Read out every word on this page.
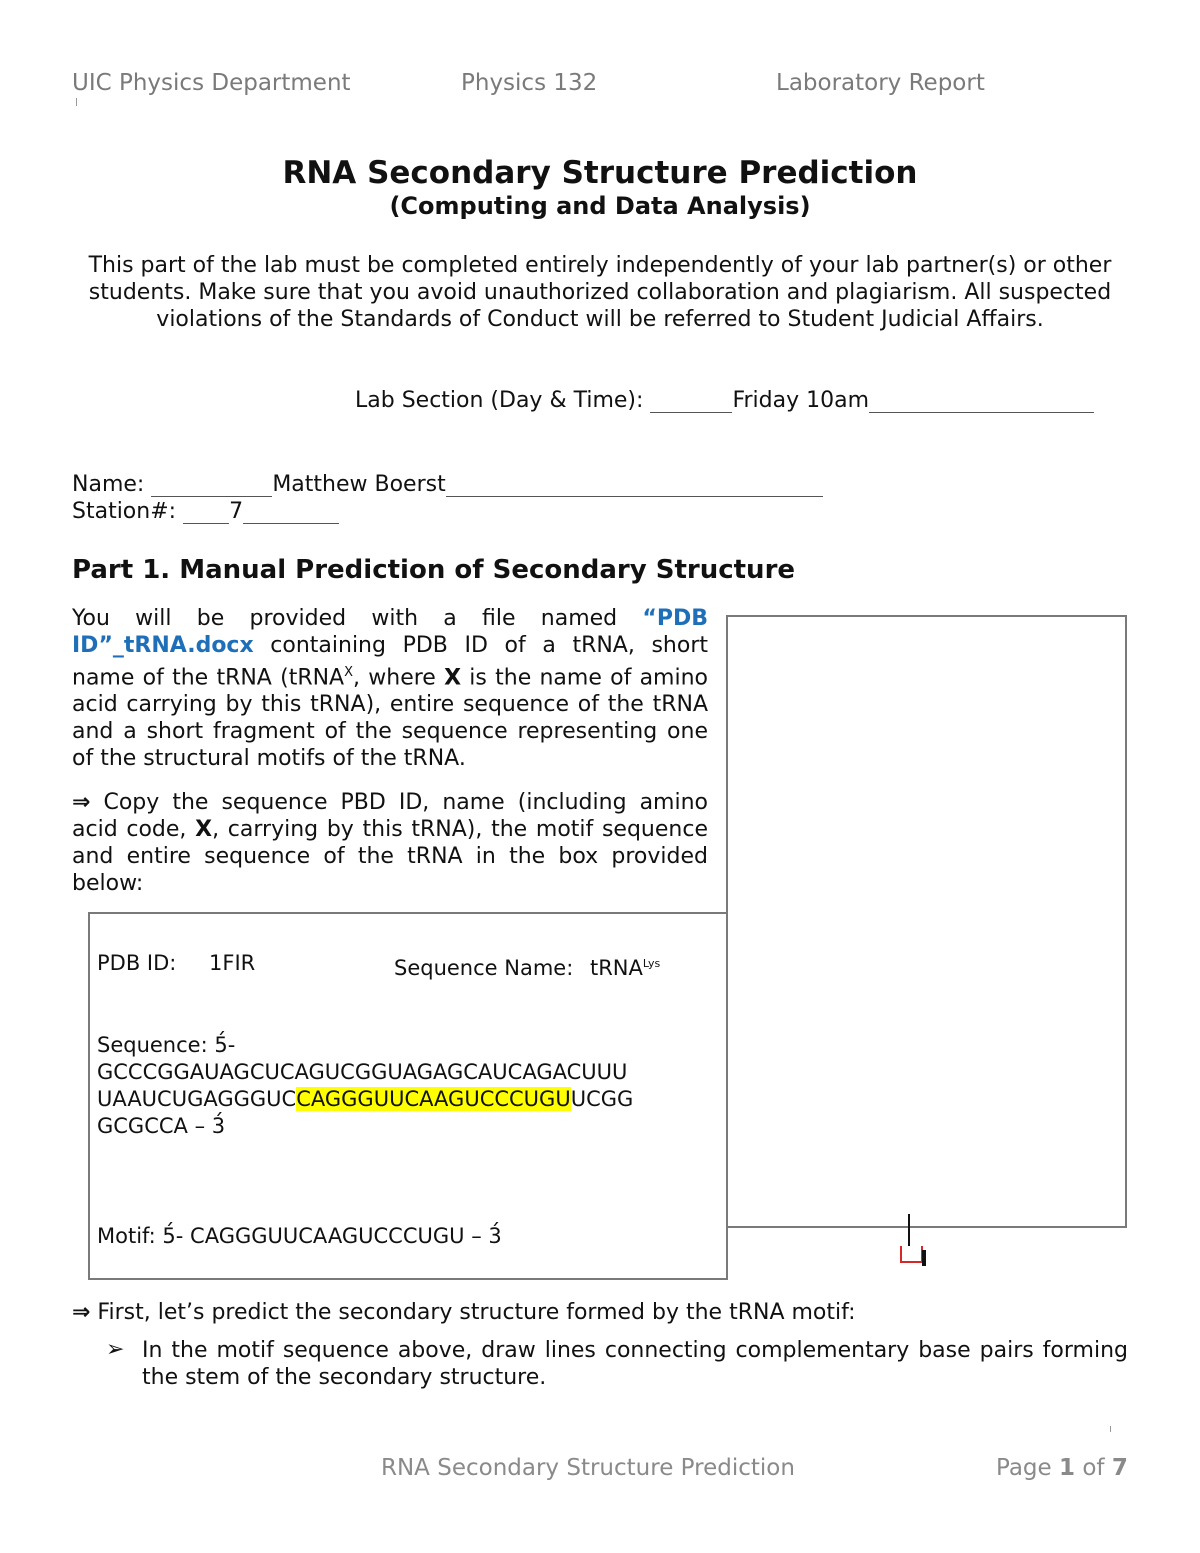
UIC Physics Department	Physics 132	Laboratory Report
RNA Secondary Structure Prediction
(Computing and Data Analysis)
This part of the lab must be completed entirely independently of your lab partner(s) or other students. Make sure that you avoid unauthorized collaboration and plagiarism. All suspected violations of the Standards of Conduct will be referred to Student Judicial Affairs.
Lab Section (Day & Time):	Friday 10am
Name:	Matthew Boerst
Station#: 7
Part 1. Manual Prediction of Secondary Structure
You will be provided with a file named “PDB ID”_tRNA.docx containing PDB ID of a tRNA, short name of the tRNA (tRNA$^X$, where X is the name of amino acid carrying by this tRNA), entire sequence of the tRNA and a short fragment of the sequence representing one of the structural motifs of the tRNA.
⇒ Copy the sequence PBD ID, name (including amino acid code, X, carrying by this tRNA), the motif sequence and entire sequence of the tRNA in the box provided below:
PDB ID: 1FIR	Sequence Name: tRNA$^{Lys}$
Sequence: 5́-
GCCCGGAUAGCUCAGUCGGUAGAGCAUCAGACUUU
UAAUCUGAGGGUCCAGGGUUCAAGUCCCUGUUCGG
GCGCCA – 3́
Motif: 5́- CAGGGUUCAAGUCCCUGU – 3́
⇒ First, let’s predict the secondary structure formed by the tRNA motif:
➢ In the motif sequence above, draw lines connecting complementary base pairs forming the stem of the secondary structure.
RNA Secondary Structure Prediction	Page 1 of 7
